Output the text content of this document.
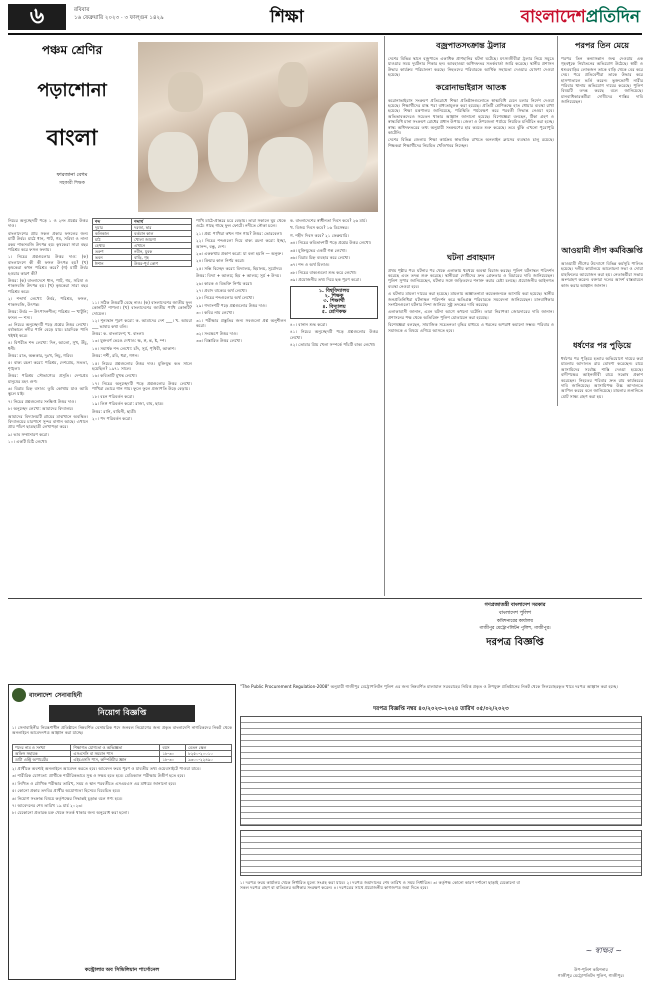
৬	রবিবার
১৬ ফেব্রুয়ারি ২০২৩ · ৩ ফাল্গুন ১৪২৯	শিক্ষা	বাংলাদেশপ্রতিদিন
পঞ্চম শ্রেণির
পড়াশোনা
বাংলা
ফারজানা বেগম
সহকারী শিক্ষক

নিচের অনুচ্ছেদটি পড়ে ১ ও ২নং প্রশ্নের উত্তর দাও।

বাংলাদেশের প্রায় সকল প্রকার ফসলের জন্য মাটি উর্বর। মাঠে ধান, পাট, গম, সরিষা ও নানা রকম শাকসবজি উৎপন্ন হয়। কৃষকেরা সারা বছর পরিশ্রম করে ফসল ফলায়।

১। নিচের প্রশ্নগুলোর উত্তর দাও: (ক) বাংলাদেশে কী কী ফসল উৎপন্ন হয়? (খ) কৃষকেরা কখন পরিশ্রম করে? (গ) মাটি উর্বর হওয়ার কারণ কী?

উত্তর: (ক) বাংলাদেশে ধান, পাট, গম, সরিষা ও শাকসবজি উৎপন্ন হয়। (খ) কৃষকেরা সারা বছর পরিশ্রম করে।

২। শব্দার্থ লেখো: উর্বর, পরিশ্রম, ফসল, শাকসবজি, উৎপন্ন।

উত্তর: উর্বর — উৎপাদনশীল; পরিশ্রম — খাটুনি; ফসল — শস্য।

৩। নিচের অনুচ্ছেদটি পড়ে প্রশ্নের উত্তর লেখো। বর্ষাকালে নদীর পানি বেড়ে যায়। চারদিকে পানি থইথই করে।

৪। বিপরীত শব্দ লেখো: দিন, আলো, সুখ, উঁচু, ধনী।

উত্তর: রাত, অন্ধকার, দুঃখ, নিচু, গরিব।

৫। বাক্য রচনা করো: পরিশ্রম, দেশপ্রেম, সততা, শৃঙ্খলা।

উত্তর: পরিশ্রম সৌভাগ্যের প্রসূতি। দেশপ্রেম মানুষের মহৎ গুণ।

৬। বিরাম চিহ্ন বসাও: তুমি কোথায় যাও আমি স্কুলে যাই।

৭। নিচের প্রশ্নগুলোর সংক্ষিপ্ত উত্তর দাও।

৮। অনুচ্ছেদ লেখো: আমাদের বিদ্যালয়।

আমাদের বিদ্যালয়টি গ্রামের মাঝখানে অবস্থিত। বিদ্যালয়ের চারপাশে সুন্দর বাগান আছে। এখানে প্রায় পাঁচশ ছাত্রছাত্রী লেখাপড়া করে।

৯। ভাব সম্প্রসারণ করো।

১০। একটি চিঠি লেখো।

শব্দ	শব্দার্থ
দুয়ার	দরজা, দ্বার
কলিকাল	বর্তমান কাল
মাঠ	খোলা জায়গা
হেথায়	এখানে
তরুণ	নবীন, যুবক
ভবন	বাড়ি, গৃহ
ঈশান	উত্তর-পূর্ব কোণ

১১। সঠিক উত্তরটি বেছে নাও। (ক) বাংলাদেশের জাতীয় ফুল কোনটি? শাপলা। (খ) বাংলাদেশের জাতীয় পাখি কোনটি? দোয়েল।

১২। শূন্যস্থান পূরণ করো: ক. আমাদের দেশ ___। খ. আমরা ___ ভাষায় কথা বলি।

উত্তর: ক. বাংলাদেশ; খ. বাংলা।

১৩। যুক্তবর্ণ ভেঙে দেখাও: ক্ষ, ঙ্গ, ন্ত, ষ্ট, ম্প।

১৪। সমার্থক শব্দ লেখো: চাঁদ, সূর্য, পৃথিবী, আকাশ।

উত্তর: শশী, রবি, ধরা, গগন।

১৫। নিচের প্রশ্নগুলোর উত্তর দাও। মুক্তিযুদ্ধ কত সালে হয়েছিল? ১৯৭১ সালে।

১৬। কবিতাটি মুখস্থ লেখো।

১৭। নিচের অনুচ্ছেদটি পড়ে প্রশ্নগুলোর উত্তর লেখো। পাখিরা ভোরে গান গায়। ফুলে ফুলে প্রজাপতি উড়ে বেড়ায়।

১৮। বচন পরিবর্তন করো।

১৯। লিঙ্গ পরিবর্তন করো: রাজা, বাঘ, ছাত্র।

উত্তর: রানি, বাঘিনী, ছাত্রী।

২০। পদ পরিবর্তন করো।

পাখি মাঠে-প্রান্তরে চরে বেড়ায়। তারা সকালে ঘুম থেকে ওঠে। গাছে গাছে ফুল ফোটে। নদীতে নৌকা চলে।

২১। প্রশ্ন: পাখিরা কখন গান গায়? উত্তর: ভোরবেলা।

২২। নিচের শব্দগুলো দিয়ে বাক্য রচনা করো: ইচ্ছা, আনন্দ, বন্ধু, দেশ।

২৩। এককথায় প্রকাশ করো: যা বলা হয়নি — অনুক্ত।

২৪। ক্রিয়ার কাল নির্ণয় করো।

২৫। সন্ধি বিচ্ছেদ করো: বিদ্যালয়, হিমালয়, সূর্যোদয়।

উত্তর: বিদ্যা + আলয়; হিম + আলয়; সূর্য + উদয়।

২৬। কারক ও বিভক্তি নির্ণয় করো।

২৭। প্রবাদ বাক্যের অর্থ লেখো।

২৮। নিচের শব্দগুলোর অর্থ লেখো।

২৯। গদ্যাংশটি পড়ে প্রশ্নগুলোর উত্তর দাও।

৩০। কবির নাম লেখো।

৩১। পরীক্ষার প্রস্তুতির জন্য সবগুলো প্রশ্ন অনুশীলন করো।

৩২। সংক্ষেপে উত্তর দাও।

৩৩। বিস্তারিত উত্তর লেখো।

ক. বাংলাদেশের স্বাধীনতা দিবস কবে? ২৬ মার্চ।

খ. বিজয় দিবস কবে? ১৬ ডিসেম্বর।

গ. শহীদ দিবস কবে? ২১ ফেব্রুয়ারি।

৩৪। নিচের কবিতাংশটি পড়ে প্রশ্নের উত্তর লেখো।

৩৫। মুক্তিযুদ্ধের একটি গল্প লেখো।

৩৬। বিরাম চিহ্ন ব্যবহার করে লেখো।

৩৭। শব্দ ও অর্থ মিলাও।

৩৮। নিচের বাক্যগুলো শুদ্ধ করে লেখো।

৩৯। প্রয়োজনীয় তথ্য দিয়ে ছক পূরণ করো।

১. বিশ্ববিদ্যালয়
২. শিক্ষক
৩. শিক্ষার্থী
৪. বিদ্যালয়
৫. শ্রেণিকক্ষ

৪০। বানান শুদ্ধ করো।

৪১। নিচের অনুচ্ছেদটি পড়ে প্রশ্নগুলোর উত্তর লেখো।

৪২। তোমার প্রিয় খেলা সম্পর্কে পাঁচটি বাক্য লেখো।

বজ্রপাতসংক্রান্ত ট্রলার

দেশের বিভিন্ন স্থানে বজ্রপাতে একাধিক প্রাণহানির ঘটনা ঘটেছে। মৎস্যজীবীরা ট্রলার নিয়ে সমুদ্রে যাওয়ার সময় দুর্ঘটনার শিকার হন। আবহাওয়া অধিদফতর সতর্কবার্তা জারি করেছে। স্থানীয় প্রশাসন উদ্ধার কার্যক্রম পরিচালনা করছে। নিহতদের পরিবারকে আর্থিক সহায়তা দেওয়ার ঘোষণা দেওয়া হয়েছে।

করোনাভাইরাস আতঙ্ক

করোনাভাইরাস সংক্রমণ প্রতিরোধে শিক্ষা প্রতিষ্ঠানগুলোতে স্বাস্থ্যবিধি মেনে চলার নির্দেশ দেওয়া হয়েছে। শিক্ষার্থীদের মাস্ক পরা বাধ্যতামূলক করা হয়েছে। প্রতিটি শ্রেণিকক্ষে হাত ধোয়ার ব্যবস্থা রাখা হয়েছে। শিক্ষা মন্ত্রণালয় জানিয়েছে, পরিস্থিতি পর্যবেক্ষণ করে পরবর্তী সিদ্ধান্ত নেওয়া হবে। অভিভাবকদেরও সচেতন থাকার আহ্বান জানানো হয়েছে। বিশেষজ্ঞরা বলছেন, টিকা গ্রহণ ও স্বাস্থ্যবিধি মানা সংক্রমণ রোধের প্রধান উপায়। জেলা ও উপজেলা পর্যায়ে নিয়মিত মনিটরিং করা হচ্ছে। স্বাস্থ্য অধিদফতরের তথ্য অনুযায়ী সংক্রমণের হার কমতে শুরু করেছে। তবে ঝুঁকি এখনো পুরোপুরি কাটেনি।

দেশের বিভিন্ন জেলায় শিক্ষা কার্যক্রম স্বাভাবিক রাখতে অনলাইন ক্লাসের ব্যবস্থাও চালু রয়েছে। শিক্ষকরা শিক্ষার্থীদের নিয়মিত খোঁজখবর নিচ্ছেন।

ঘটনা প্রবাহমান

প্রথম পৃষ্ঠার পর। ঘটনার পর থেকে এলাকায় থমথমে অবস্থা বিরাজ করছে। পুলিশ ঘটনাস্থল পরিদর্শন করেছে এবং তদন্ত শুরু করেছে। স্থানীয়রা দোষীদের দ্রুত গ্রেফতার ও বিচারের দাবি জানিয়েছেন। পুলিশ সুপার জানিয়েছেন, ঘটনার সঙ্গে জড়িতদের শনাক্ত করার চেষ্টা চলছে। প্রয়োজনীয় আইনগত ব্যবস্থা নেওয়া হবে।

এ ঘটনায় মামলা দায়ের করা হয়েছে। মামলায় অজ্ঞাতনামা কয়েকজনকে আসামি করা হয়েছে। স্থানীয় জনপ্রতিনিধিরা ঘটনাস্থল পরিদর্শন করে ক্ষতিগ্রস্ত পরিবারকে সমবেদনা জানিয়েছেন। মানবাধিকার সংগঠনগুলো ঘটনার নিন্দা জানিয়ে সুষ্ঠু তদন্তের দাবি করেছে।

এলাকাবাসী জানান, এমন ঘটনা আগে কখনো ঘটেনি। তারা নিরাপত্তা জোরদারের দাবি জানান। প্রশাসনের পক্ষ থেকে অতিরিক্ত পুলিশ মোতায়েন করা হয়েছে।

বিশেষজ্ঞরা বলছেন, সামাজিক সচেতনতা বৃদ্ধির মাধ্যমে এ ধরনের অপরাধ কমানো সম্ভব। পরিবার ও সমাজকে এ বিষয়ে এগিয়ে আসতে হবে।

পরপর তিন মেয়ে

পরপর তিন কন্যাসন্তান জন্ম দেওয়ায় এক গৃহবধূকে নির্যাতনের অভিযোগ উঠেছে। স্বামী ও শ্বশুরবাড়ির লোকজন তাকে বাড়ি থেকে বের করে দেয়। পরে প্রতিবেশীরা তাকে উদ্ধার করে হাসপাতালে ভর্তি করেন। ভুক্তভোগী নারীর পরিবার থানায় অভিযোগ দায়ের করেছে। পুলিশ বিষয়টি তদন্ত করছে বলে জানিয়েছে। মানবাধিকারকর্মীরা দোষীদের শাস্তির দাবি জানিয়েছেন।

আওয়ামী লীগ কর্মবিজ্ঞপ্তি

আওয়ামী লীগের উদ্যোগে বিভিন্ন কর্মসূচি পালিত হয়েছে। দলীয় কার্যালয়ে আলোচনা সভা ও দোয়া মাহফিলের আয়োজন করা হয়। নেতাকর্মীরা সভায় অংশগ্রহণ করেন। বক্তারা দলের আদর্শ বাস্তবায়নে কাজ করার আহ্বান জানান।

ধর্ষণের পর পুড়িয়ে

ধর্ষণের পর পুড়িয়ে হত্যার অভিযোগে দায়ের করা মামলায় আদালত রায় ঘোষণা করেছেন। রায়ে আসামিদের সর্বোচ্চ শাস্তি দেওয়া হয়েছে। বাদীপক্ষের আইনজীবী রায়ে সন্তোষ প্রকাশ করেছেন। নিহতের পরিবার দ্রুত রায় কার্যকরের দাবি জানিয়েছে। আসামিপক্ষ উচ্চ আদালতে আপিল করবে বলে জানিয়েছে। মামলার শুনানিতে মোট সাক্ষ্য গ্রহণ করা হয়।

গণপ্রজাতন্ত্রী বাংলাদেশ সরকার
বাংলাদেশ পুলিশ
কমিশনারের কার্যালয়
গাজীপুর মেট্রোপলিটন পুলিশ, গাজীপুর।
দরপত্র বিজ্ঞপ্তি

"The Public Procurement Regulation-2008" অনুযায়ী গাজীপুর মেট্রোপলিটন পুলিশ এর জন্য নিম্নবর্ণিত মালামাল সরবরাহের নিমিত্ত প্রকৃত ও উপযুক্ত প্রতিষ্ঠানের নিকট থেকে সিলমোহরকৃত খামে দরপত্র আহ্বান করা হচ্ছে।

দরপত্র বিজ্ঞপ্তি নম্বর ৪০/২০২৩-২০২৪ তারিখ ০৫/০২/২০২৩

১। দরপত্র ফরম কার্যালয় থেকে নির্ধারিত মূল্যে সংগ্রহ করা যাবে। ২। দরপত্র জমাদানের শেষ তারিখ ও সময় নির্ধারিত। ৩। কর্তৃপক্ষ কোনো কারণ দর্শানো ছাড়াই যেকোনো বা সকল দরপত্র গ্রহণ বা বাতিলের অধিকার সংরক্ষণ করেন। ৪। দরপত্রের সাথে প্রয়োজনীয় কাগজপত্র জমা দিতে হবে।

~ স্বাক্ষর ~
উপ-পুলিশ কমিশনার
গাজীপুর মেট্রোপলিটন পুলিশ, গাজীপুর।
বাংলাদেশ সেনাবাহিনী
নিয়োগ বিজ্ঞপ্তি

১। সেনাবাহিনীর নিয়ন্ত্রণাধীন প্রতিষ্ঠানে নিম্নবর্ণিত বেসামরিক পদে জনবল নিয়োগের জন্য প্রকৃত বাংলাদেশি নাগরিকদের নিকট থেকে অনলাইনে আবেদনপত্র আহ্বান করা যাচ্ছে।

পদের নাম ও সংখ্যা	শিক্ষাগত যোগ্যতা ও অভিজ্ঞতা	বয়স	বেতন স্কেল
অফিস সহায়ক	এসএসসি বা সমমান পাস	১৮-৩০	৮২৫০-২০০১০
ডাটা এন্ট্রি অপারেটর	এইচএসসি পাস, কম্পিউটার জ্ঞান	১৮-৩০	৯৩০০-২২৪৯০

২। প্রার্থীকে অবশ্যই অনলাইনে আবেদন করতে হবে। আবেদন ফরম পূরণ ও যাবতীয় তথ্য ওয়েবসাইটে পাওয়া যাবে।

৩। শারীরিক যোগ্যতা: প্রার্থীকে শারীরিকভাবে সুস্থ ও সক্ষম হতে হবে। মেডিক্যাল পরীক্ষায় উত্তীর্ণ হতে হবে।

৪। লিখিত ও মৌখিক পরীক্ষার তারিখ, সময় ও স্থান পরবর্তীতে এসএমএস এর মাধ্যমে জানানো হবে।

৫। কোনো প্রকার তদবির প্রার্থীর অযোগ্যতা হিসেবে বিবেচিত হবে।

৬। নিয়োগ সংক্রান্ত বিষয়ে কর্তৃপক্ষের সিদ্ধান্তই চূড়ান্ত বলে গণ্য হবে।

৭। আবেদনের শেষ তারিখ ১৯ মার্চ ২০২৩।

৮। যেকোনো প্রতারক চক্র থেকে সতর্ক থাকার জন্য অনুরোধ করা হলো।

কন্ট্রোলার অব সিভিলিয়ান পার্সোনেল
